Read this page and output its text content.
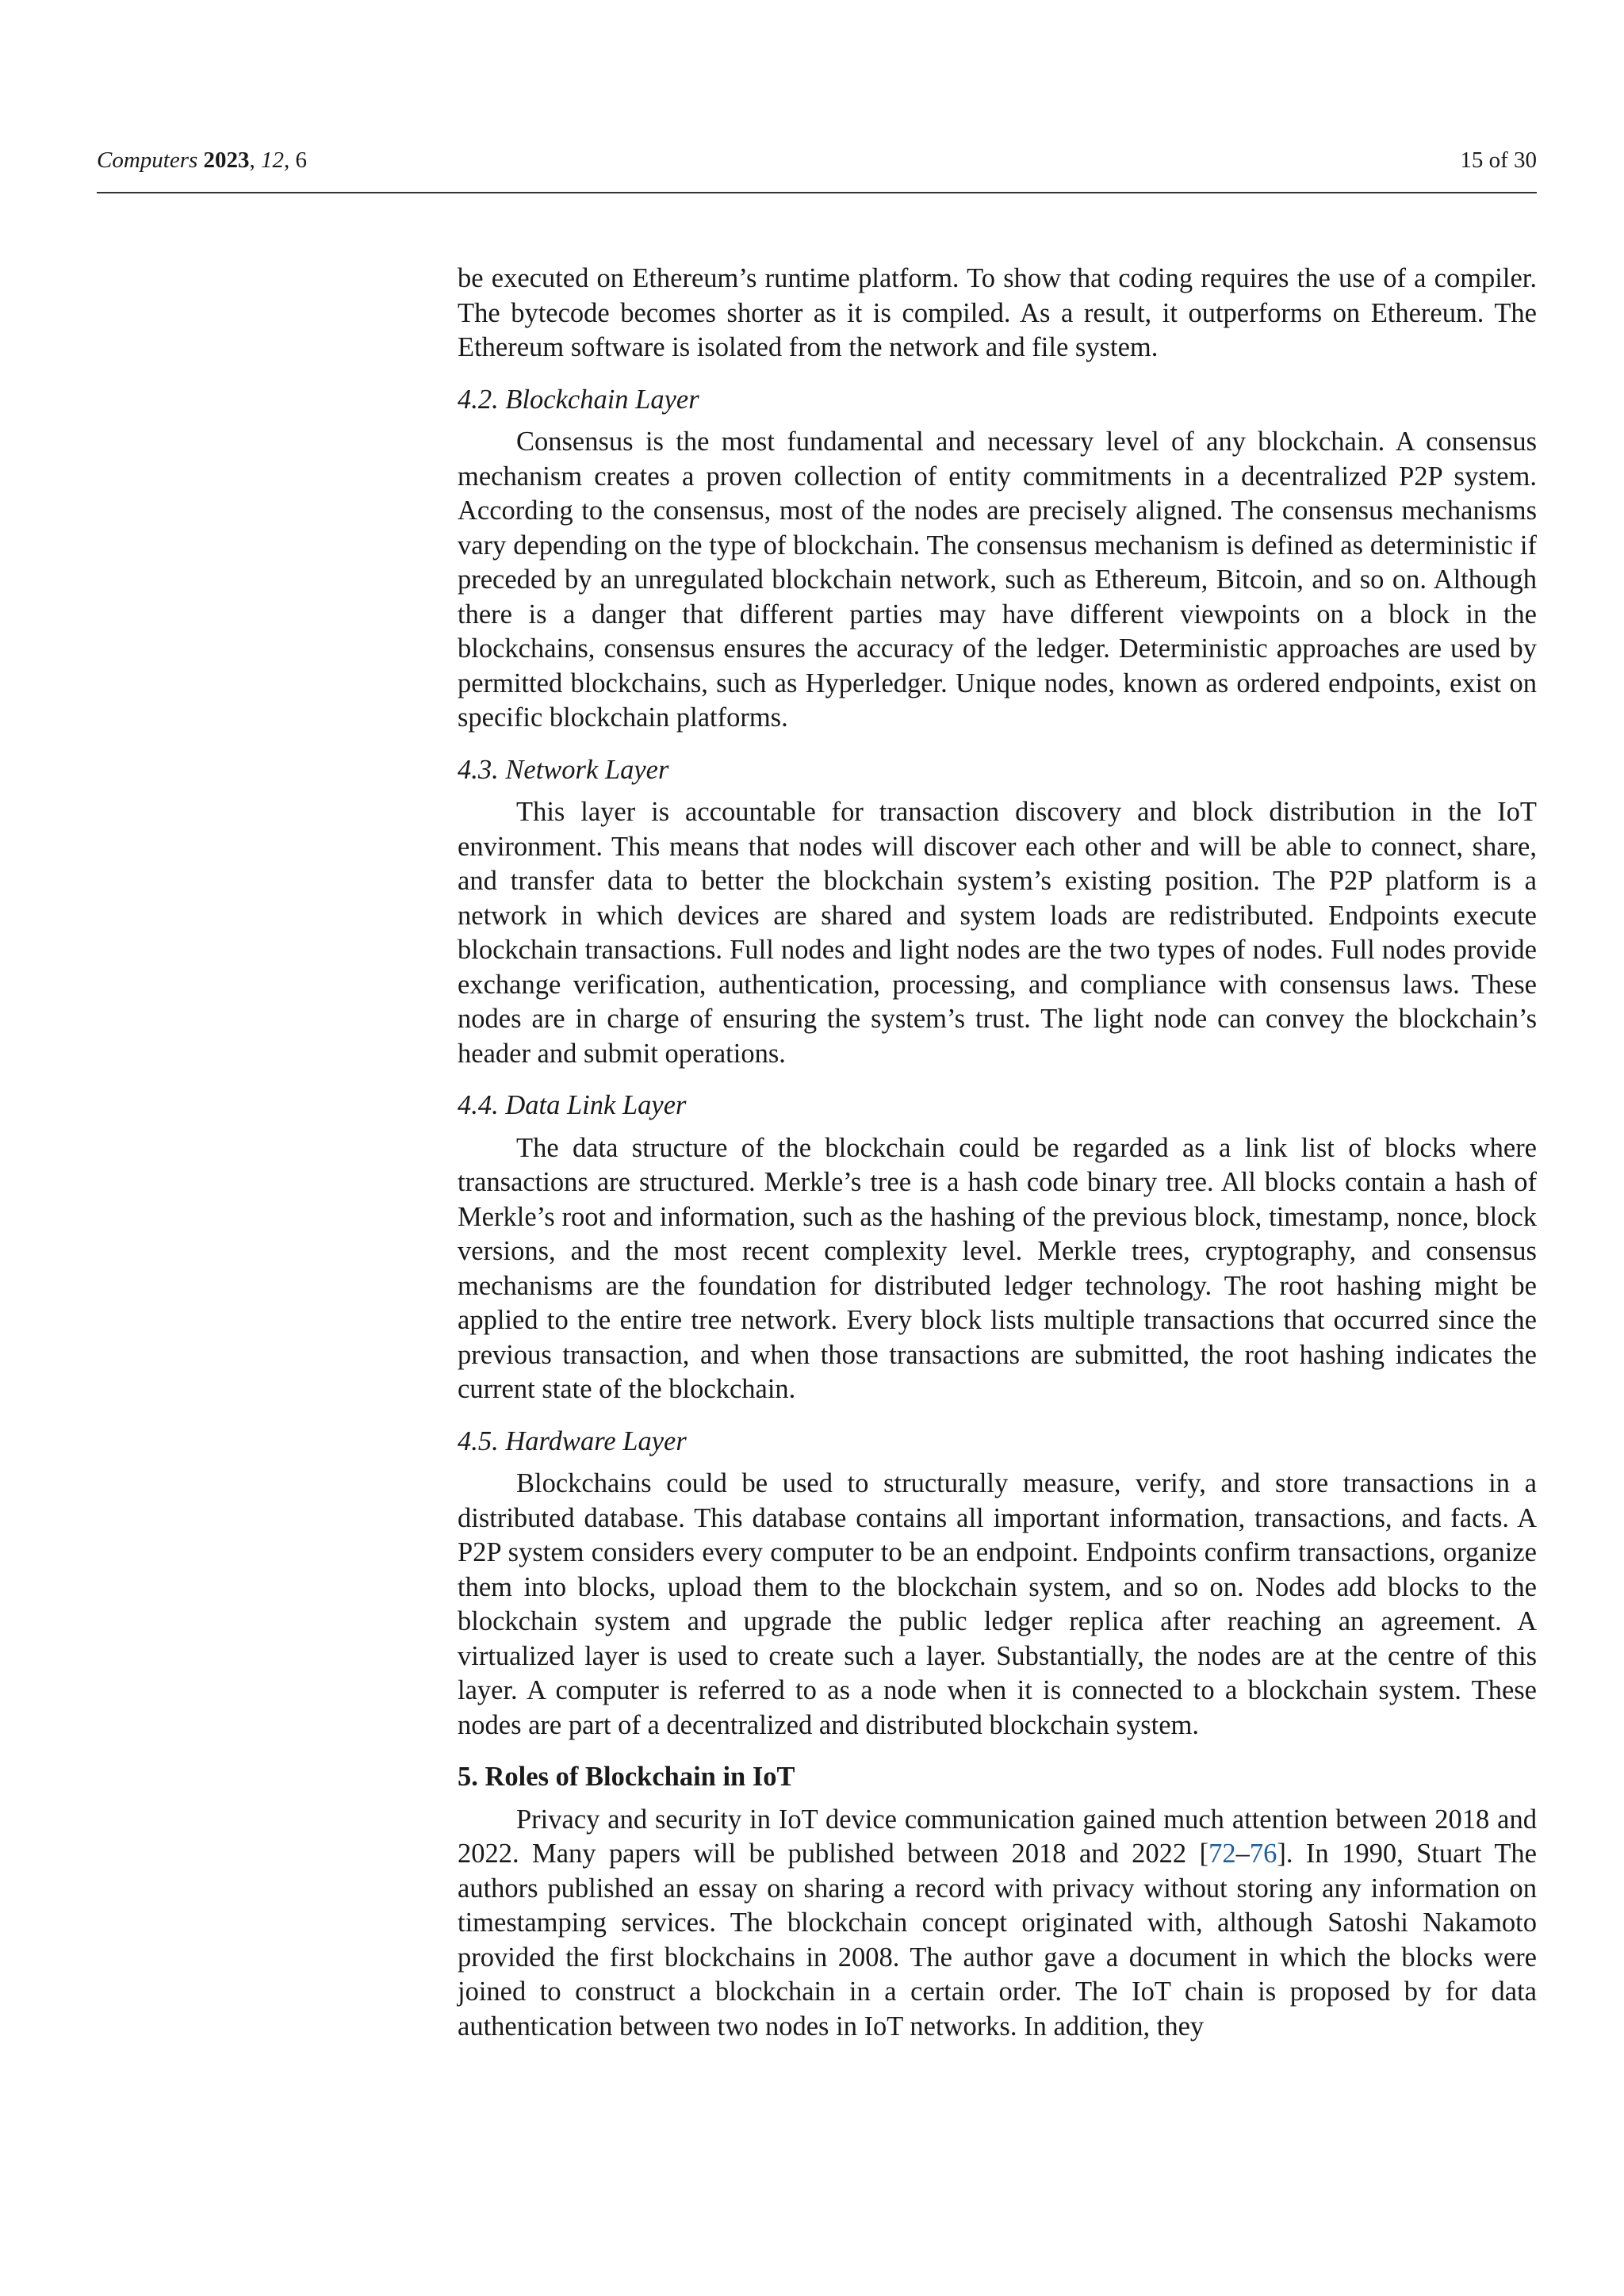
Computers 2023, 12, 6	15 of 30

be executed on Ethereum’s runtime platform. To show that coding requires the use of a compiler. The bytecode becomes shorter as it is compiled. As a result, it outperforms on Ethereum. The Ethereum software is isolated from the network and file system.

4.2. Blockchain Layer

Consensus is the most fundamental and necessary level of any blockchain. A consensus mechanism creates a proven collection of entity commitments in a decentralized P2P system. According to the consensus, most of the nodes are precisely aligned. The consensus mechanisms vary depending on the type of blockchain. The consensus mechanism is defined as deterministic if preceded by an unregulated blockchain network, such as Ethereum, Bitcoin, and so on. Although there is a danger that different parties may have different viewpoints on a block in the blockchains, consensus ensures the accuracy of the ledger. Deterministic approaches are used by permitted blockchains, such as Hyperledger. Unique nodes, known as ordered endpoints, exist on specific blockchain platforms.

4.3. Network Layer

This layer is accountable for transaction discovery and block distribution in the IoT environment. This means that nodes will discover each other and will be able to connect, share, and transfer data to better the blockchain system’s existing position. The P2P platform is a network in which devices are shared and system loads are redistributed. Endpoints execute blockchain transactions. Full nodes and light nodes are the two types of nodes. Full nodes provide exchange verification, authentication, processing, and compliance with consensus laws. These nodes are in charge of ensuring the system’s trust. The light node can convey the blockchain’s header and submit operations.

4.4. Data Link Layer

The data structure of the blockchain could be regarded as a link list of blocks where transactions are structured. Merkle’s tree is a hash code binary tree. All blocks contain a hash of Merkle’s root and information, such as the hashing of the previous block, timestamp, nonce, block versions, and the most recent complexity level. Merkle trees, cryptography, and consensus mechanisms are the foundation for distributed ledger technology. The root hashing might be applied to the entire tree network. Every block lists multiple transactions that occurred since the previous transaction, and when those transactions are submitted, the root hashing indicates the current state of the blockchain.

4.5. Hardware Layer

Blockchains could be used to structurally measure, verify, and store transactions in a distributed database. This database contains all important information, transactions, and facts. A P2P system considers every computer to be an endpoint. Endpoints confirm transactions, organize them into blocks, upload them to the blockchain system, and so on. Nodes add blocks to the blockchain system and upgrade the public ledger replica after reaching an agreement. A virtualized layer is used to create such a layer. Substantially, the nodes are at the centre of this layer. A computer is referred to as a node when it is connected to a blockchain system. These nodes are part of a decentralized and distributed blockchain system.

5. Roles of Blockchain in IoT

Privacy and security in IoT device communication gained much attention between 2018 and 2022. Many papers will be published between 2018 and 2022 [72–76]. In 1990, Stuart The authors published an essay on sharing a record with privacy without storing any information on timestamping services. The blockchain concept originated with, although Satoshi Nakamoto provided the first blockchains in 2008. The author gave a document in which the blocks were joined to construct a blockchain in a certain order. The IoT chain is proposed by for data authentication between two nodes in IoT networks. In addition, they
